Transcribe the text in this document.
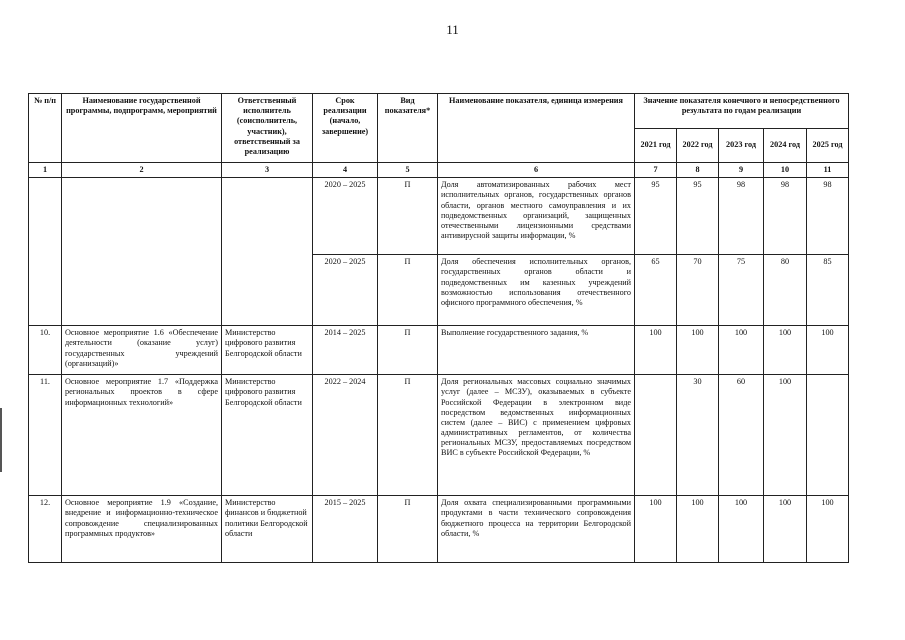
11
№ п/п	Наименование государственной программы, подпрограмм, мероприятий	Ответственный исполнитель (соисполнитель, участник), ответственный за реализацию	Срок реализации (начало, завершение)	Вид показателя*	Наименование показателя, единица измерения	Значение показателя конечного и непосредственного результата по годам реализации				
						2021 год	2022 год	2023 год	2024 год	2025 год
1	2	3	4	5	6	7	8	9	10	11
			2020 – 2025	П	Доля автоматизированных рабочих мест исполнительных органов, государственных органов области, органов местного самоуправления и их подведомственных организаций, защищенных отечественными лицензионными средствами антивирусной защиты информации, %	95	95	98	98	98
			2020 – 2025	П	Доля обеспечения исполнительных органов, государственных органов области и подведомственных им казенных учреждений возможностью использования отечественного офисного программного обеспечения, %	65	70	75	80	85
10.	Основное мероприятие 1.6 «Обеспечение деятельности (оказание услуг) государственных учреждений (организаций)»	Министерство цифрового развития Белгородской области	2014 – 2025	П	Выполнение государственного задания, %	100	100	100	100	100
11.	Основное мероприятие 1.7 «Поддержка региональных проектов в сфере информационных технологий»	Министерство цифрового развития Белгородской области	2022 – 2024	П	Доля региональных массовых социально значимых услуг (далее – МСЗУ), оказываемых в субъекте Российской Федерации в электронном виде посредством ведомственных информационных систем (далее – ВИС) с применением цифровых административных регламентов, от количества региональных МСЗУ, предоставляемых посредством ВИС в субъекте Российской Федерации, %		30	60	100	
12.	Основное мероприятие 1.9 «Создание, внедрение и информационно-техническое сопровождение специализированных программных продуктов»	Министерство финансов и бюджетной политики Белгородской области	2015 – 2025	П	Доля охвата специализированными программными продуктами в части технического сопровождения бюджетного процесса на территории Белгородской области, %	100	100	100	100	100
